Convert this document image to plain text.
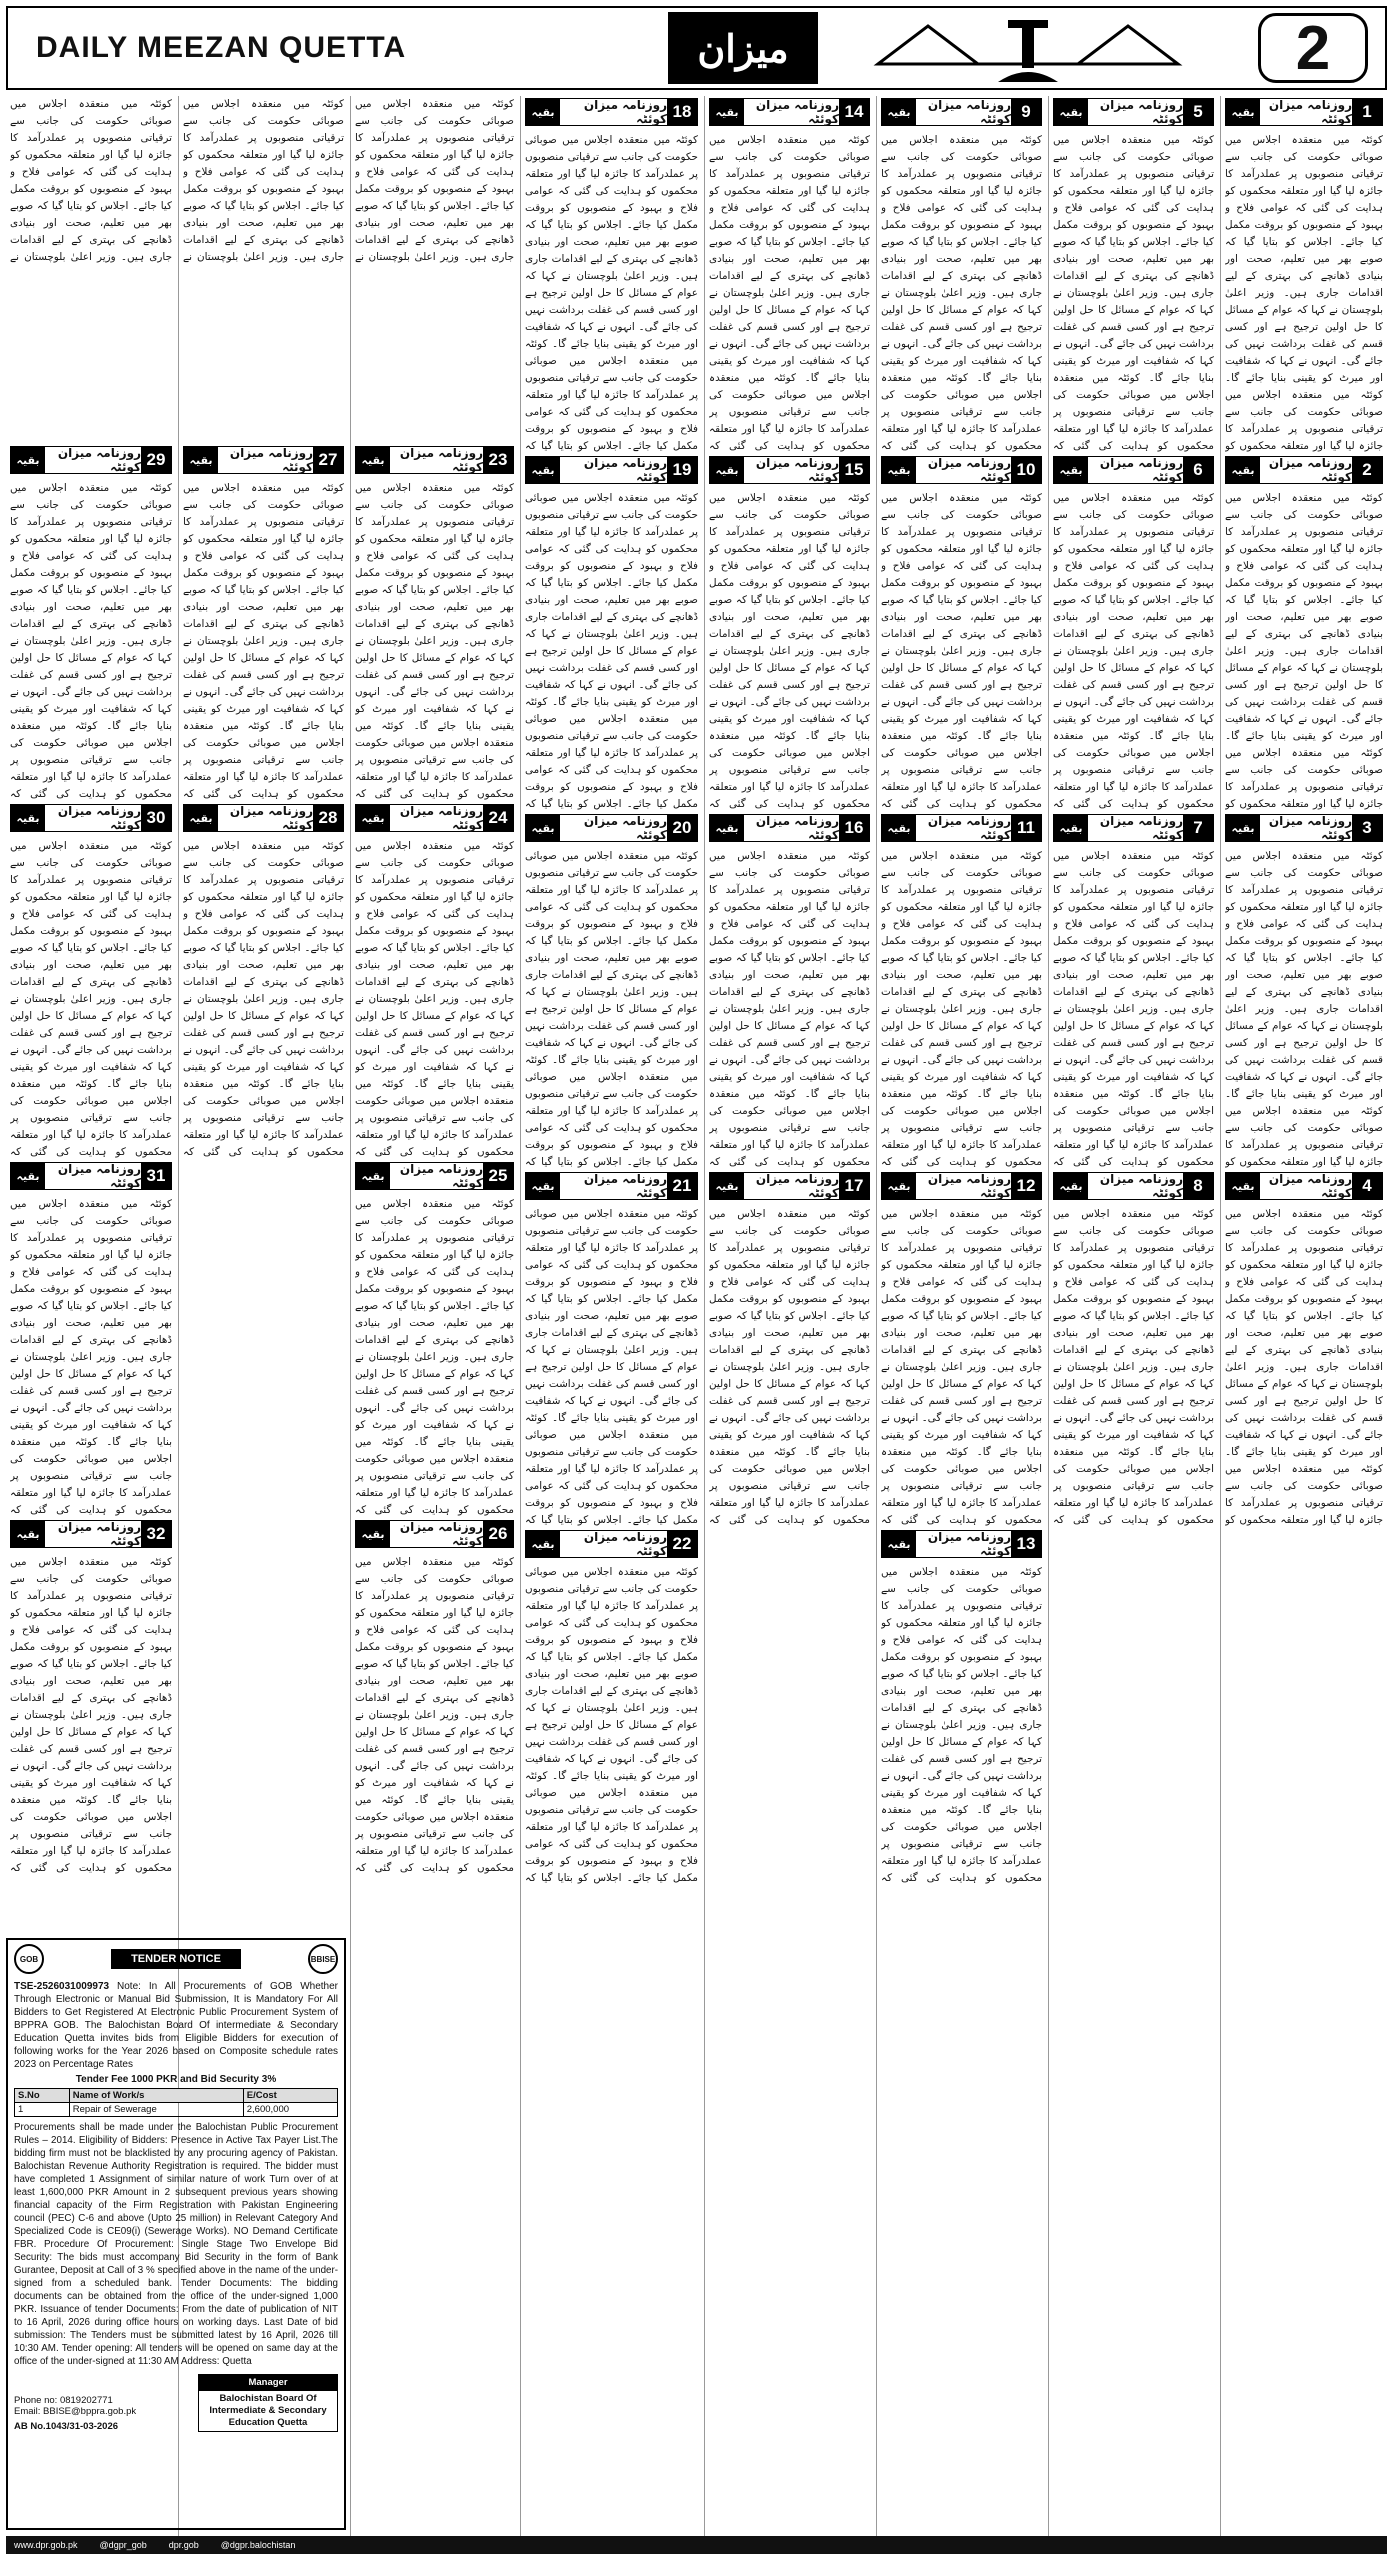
DAILY MEEZAN QUETTA	میزان	2
1
روزنامہ میزان کوئٹہ
بقیہ
کوئٹہ میں منعقدہ اجلاس میں صوبائی حکومت کی جانب سے ترقیاتی منصوبوں پر عملدرآمد کا جائزہ لیا گیا اور متعلقہ محکموں کو ہدایت کی گئی کہ عوامی فلاح و بہبود کے منصوبوں کو بروقت مکمل کیا جائے۔ اجلاس کو بتایا گیا کہ صوبے بھر میں تعلیم، صحت اور بنیادی ڈھانچے کی بہتری کے لیے اقدامات جاری ہیں۔ وزیر اعلیٰ بلوچستان نے کہا کہ عوام کے مسائل کا حل اولین ترجیح ہے اور کسی قسم کی غفلت برداشت نہیں کی جائے گی۔ انہوں نے کہا کہ شفافیت اور میرٹ کو یقینی بنایا جائے گا۔ کوئٹہ میں منعقدہ اجلاس میں صوبائی حکومت کی جانب سے ترقیاتی منصوبوں پر عملدرآمد کا جائزہ لیا گیا اور متعلقہ محکموں کو
2
روزنامہ میزان کوئٹہ
بقیہ
کوئٹہ میں منعقدہ اجلاس میں صوبائی حکومت کی جانب سے ترقیاتی منصوبوں پر عملدرآمد کا جائزہ لیا گیا اور متعلقہ محکموں کو ہدایت کی گئی کہ عوامی فلاح و بہبود کے منصوبوں کو بروقت مکمل کیا جائے۔ اجلاس کو بتایا گیا کہ صوبے بھر میں تعلیم، صحت اور بنیادی ڈھانچے کی بہتری کے لیے اقدامات جاری ہیں۔ وزیر اعلیٰ بلوچستان نے کہا کہ عوام کے مسائل کا حل اولین ترجیح ہے اور کسی قسم کی غفلت برداشت نہیں کی جائے گی۔ انہوں نے کہا کہ شفافیت اور میرٹ کو یقینی بنایا جائے گا۔ کوئٹہ میں منعقدہ اجلاس میں صوبائی حکومت کی جانب سے ترقیاتی منصوبوں پر عملدرآمد کا جائزہ لیا گیا اور متعلقہ محکموں کو
3
روزنامہ میزان کوئٹہ
بقیہ
کوئٹہ میں منعقدہ اجلاس میں صوبائی حکومت کی جانب سے ترقیاتی منصوبوں پر عملدرآمد کا جائزہ لیا گیا اور متعلقہ محکموں کو ہدایت کی گئی کہ عوامی فلاح و بہبود کے منصوبوں کو بروقت مکمل کیا جائے۔ اجلاس کو بتایا گیا کہ صوبے بھر میں تعلیم، صحت اور بنیادی ڈھانچے کی بہتری کے لیے اقدامات جاری ہیں۔ وزیر اعلیٰ بلوچستان نے کہا کہ عوام کے مسائل کا حل اولین ترجیح ہے اور کسی قسم کی غفلت برداشت نہیں کی جائے گی۔ انہوں نے کہا کہ شفافیت اور میرٹ کو یقینی بنایا جائے گا۔ کوئٹہ میں منعقدہ اجلاس میں صوبائی حکومت کی جانب سے ترقیاتی منصوبوں پر عملدرآمد کا جائزہ لیا گیا اور متعلقہ محکموں کو
4
روزنامہ میزان کوئٹہ
بقیہ
کوئٹہ میں منعقدہ اجلاس میں صوبائی حکومت کی جانب سے ترقیاتی منصوبوں پر عملدرآمد کا جائزہ لیا گیا اور متعلقہ محکموں کو ہدایت کی گئی کہ عوامی فلاح و بہبود کے منصوبوں کو بروقت مکمل کیا جائے۔ اجلاس کو بتایا گیا کہ صوبے بھر میں تعلیم، صحت اور بنیادی ڈھانچے کی بہتری کے لیے اقدامات جاری ہیں۔ وزیر اعلیٰ بلوچستان نے کہا کہ عوام کے مسائل کا حل اولین ترجیح ہے اور کسی قسم کی غفلت برداشت نہیں کی جائے گی۔ انہوں نے کہا کہ شفافیت اور میرٹ کو یقینی بنایا جائے گا۔ کوئٹہ میں منعقدہ اجلاس میں صوبائی حکومت کی جانب سے ترقیاتی منصوبوں پر عملدرآمد کا جائزہ لیا گیا اور متعلقہ محکموں کو
5
روزنامہ میزان کوئٹہ
بقیہ
کوئٹہ میں منعقدہ اجلاس میں صوبائی حکومت کی جانب سے ترقیاتی منصوبوں پر عملدرآمد کا جائزہ لیا گیا اور متعلقہ محکموں کو ہدایت کی گئی کہ عوامی فلاح و بہبود کے منصوبوں کو بروقت مکمل کیا جائے۔ اجلاس کو بتایا گیا کہ صوبے بھر میں تعلیم، صحت اور بنیادی ڈھانچے کی بہتری کے لیے اقدامات جاری ہیں۔ وزیر اعلیٰ بلوچستان نے کہا کہ عوام کے مسائل کا حل اولین ترجیح ہے اور کسی قسم کی غفلت برداشت نہیں کی جائے گی۔ انہوں نے کہا کہ شفافیت اور میرٹ کو یقینی بنایا جائے گا۔ کوئٹہ میں منعقدہ اجلاس میں صوبائی حکومت کی جانب سے ترقیاتی منصوبوں پر عملدرآمد کا جائزہ لیا گیا اور متعلقہ محکموں کو ہدایت کی گئی کہ
6
روزنامہ میزان کوئٹہ
بقیہ
کوئٹہ میں منعقدہ اجلاس میں صوبائی حکومت کی جانب سے ترقیاتی منصوبوں پر عملدرآمد کا جائزہ لیا گیا اور متعلقہ محکموں کو ہدایت کی گئی کہ عوامی فلاح و بہبود کے منصوبوں کو بروقت مکمل کیا جائے۔ اجلاس کو بتایا گیا کہ صوبے بھر میں تعلیم، صحت اور بنیادی ڈھانچے کی بہتری کے لیے اقدامات جاری ہیں۔ وزیر اعلیٰ بلوچستان نے کہا کہ عوام کے مسائل کا حل اولین ترجیح ہے اور کسی قسم کی غفلت برداشت نہیں کی جائے گی۔ انہوں نے کہا کہ شفافیت اور میرٹ کو یقینی بنایا جائے گا۔ کوئٹہ میں منعقدہ اجلاس میں صوبائی حکومت کی جانب سے ترقیاتی منصوبوں پر عملدرآمد کا جائزہ لیا گیا اور متعلقہ محکموں کو ہدایت کی گئی کہ
7
روزنامہ میزان کوئٹہ
بقیہ
کوئٹہ میں منعقدہ اجلاس میں صوبائی حکومت کی جانب سے ترقیاتی منصوبوں پر عملدرآمد کا جائزہ لیا گیا اور متعلقہ محکموں کو ہدایت کی گئی کہ عوامی فلاح و بہبود کے منصوبوں کو بروقت مکمل کیا جائے۔ اجلاس کو بتایا گیا کہ صوبے بھر میں تعلیم، صحت اور بنیادی ڈھانچے کی بہتری کے لیے اقدامات جاری ہیں۔ وزیر اعلیٰ بلوچستان نے کہا کہ عوام کے مسائل کا حل اولین ترجیح ہے اور کسی قسم کی غفلت برداشت نہیں کی جائے گی۔ انہوں نے کہا کہ شفافیت اور میرٹ کو یقینی بنایا جائے گا۔ کوئٹہ میں منعقدہ اجلاس میں صوبائی حکومت کی جانب سے ترقیاتی منصوبوں پر عملدرآمد کا جائزہ لیا گیا اور متعلقہ محکموں کو ہدایت کی گئی کہ
8
روزنامہ میزان کوئٹہ
بقیہ
کوئٹہ میں منعقدہ اجلاس میں صوبائی حکومت کی جانب سے ترقیاتی منصوبوں پر عملدرآمد کا جائزہ لیا گیا اور متعلقہ محکموں کو ہدایت کی گئی کہ عوامی فلاح و بہبود کے منصوبوں کو بروقت مکمل کیا جائے۔ اجلاس کو بتایا گیا کہ صوبے بھر میں تعلیم، صحت اور بنیادی ڈھانچے کی بہتری کے لیے اقدامات جاری ہیں۔ وزیر اعلیٰ بلوچستان نے کہا کہ عوام کے مسائل کا حل اولین ترجیح ہے اور کسی قسم کی غفلت برداشت نہیں کی جائے گی۔ انہوں نے کہا کہ شفافیت اور میرٹ کو یقینی بنایا جائے گا۔ کوئٹہ میں منعقدہ اجلاس میں صوبائی حکومت کی جانب سے ترقیاتی منصوبوں پر عملدرآمد کا جائزہ لیا گیا اور متعلقہ محکموں کو ہدایت کی گئی کہ
9
روزنامہ میزان کوئٹہ
بقیہ
کوئٹہ میں منعقدہ اجلاس میں صوبائی حکومت کی جانب سے ترقیاتی منصوبوں پر عملدرآمد کا جائزہ لیا گیا اور متعلقہ محکموں کو ہدایت کی گئی کہ عوامی فلاح و بہبود کے منصوبوں کو بروقت مکمل کیا جائے۔ اجلاس کو بتایا گیا کہ صوبے بھر میں تعلیم، صحت اور بنیادی ڈھانچے کی بہتری کے لیے اقدامات جاری ہیں۔ وزیر اعلیٰ بلوچستان نے کہا کہ عوام کے مسائل کا حل اولین ترجیح ہے اور کسی قسم کی غفلت برداشت نہیں کی جائے گی۔ انہوں نے کہا کہ شفافیت اور میرٹ کو یقینی بنایا جائے گا۔ کوئٹہ میں منعقدہ اجلاس میں صوبائی حکومت کی جانب سے ترقیاتی منصوبوں پر عملدرآمد کا جائزہ لیا گیا اور متعلقہ محکموں کو ہدایت کی گئی کہ
10
روزنامہ میزان کوئٹہ
بقیہ
کوئٹہ میں منعقدہ اجلاس میں صوبائی حکومت کی جانب سے ترقیاتی منصوبوں پر عملدرآمد کا جائزہ لیا گیا اور متعلقہ محکموں کو ہدایت کی گئی کہ عوامی فلاح و بہبود کے منصوبوں کو بروقت مکمل کیا جائے۔ اجلاس کو بتایا گیا کہ صوبے بھر میں تعلیم، صحت اور بنیادی ڈھانچے کی بہتری کے لیے اقدامات جاری ہیں۔ وزیر اعلیٰ بلوچستان نے کہا کہ عوام کے مسائل کا حل اولین ترجیح ہے اور کسی قسم کی غفلت برداشت نہیں کی جائے گی۔ انہوں نے کہا کہ شفافیت اور میرٹ کو یقینی بنایا جائے گا۔ کوئٹہ میں منعقدہ اجلاس میں صوبائی حکومت کی جانب سے ترقیاتی منصوبوں پر عملدرآمد کا جائزہ لیا گیا اور متعلقہ محکموں کو ہدایت کی گئی کہ
11
روزنامہ میزان کوئٹہ
بقیہ
کوئٹہ میں منعقدہ اجلاس میں صوبائی حکومت کی جانب سے ترقیاتی منصوبوں پر عملدرآمد کا جائزہ لیا گیا اور متعلقہ محکموں کو ہدایت کی گئی کہ عوامی فلاح و بہبود کے منصوبوں کو بروقت مکمل کیا جائے۔ اجلاس کو بتایا گیا کہ صوبے بھر میں تعلیم، صحت اور بنیادی ڈھانچے کی بہتری کے لیے اقدامات جاری ہیں۔ وزیر اعلیٰ بلوچستان نے کہا کہ عوام کے مسائل کا حل اولین ترجیح ہے اور کسی قسم کی غفلت برداشت نہیں کی جائے گی۔ انہوں نے کہا کہ شفافیت اور میرٹ کو یقینی بنایا جائے گا۔ کوئٹہ میں منعقدہ اجلاس میں صوبائی حکومت کی جانب سے ترقیاتی منصوبوں پر عملدرآمد کا جائزہ لیا گیا اور متعلقہ محکموں کو ہدایت کی گئی کہ
12
روزنامہ میزان کوئٹہ
بقیہ
کوئٹہ میں منعقدہ اجلاس میں صوبائی حکومت کی جانب سے ترقیاتی منصوبوں پر عملدرآمد کا جائزہ لیا گیا اور متعلقہ محکموں کو ہدایت کی گئی کہ عوامی فلاح و بہبود کے منصوبوں کو بروقت مکمل کیا جائے۔ اجلاس کو بتایا گیا کہ صوبے بھر میں تعلیم، صحت اور بنیادی ڈھانچے کی بہتری کے لیے اقدامات جاری ہیں۔ وزیر اعلیٰ بلوچستان نے کہا کہ عوام کے مسائل کا حل اولین ترجیح ہے اور کسی قسم کی غفلت برداشت نہیں کی جائے گی۔ انہوں نے کہا کہ شفافیت اور میرٹ کو یقینی بنایا جائے گا۔ کوئٹہ میں منعقدہ اجلاس میں صوبائی حکومت کی جانب سے ترقیاتی منصوبوں پر عملدرآمد کا جائزہ لیا گیا اور متعلقہ محکموں کو ہدایت کی گئی کہ
13
روزنامہ میزان کوئٹہ
بقیہ
کوئٹہ میں منعقدہ اجلاس میں صوبائی حکومت کی جانب سے ترقیاتی منصوبوں پر عملدرآمد کا جائزہ لیا گیا اور متعلقہ محکموں کو ہدایت کی گئی کہ عوامی فلاح و بہبود کے منصوبوں کو بروقت مکمل کیا جائے۔ اجلاس کو بتایا گیا کہ صوبے بھر میں تعلیم، صحت اور بنیادی ڈھانچے کی بہتری کے لیے اقدامات جاری ہیں۔ وزیر اعلیٰ بلوچستان نے کہا کہ عوام کے مسائل کا حل اولین ترجیح ہے اور کسی قسم کی غفلت برداشت نہیں کی جائے گی۔ انہوں نے کہا کہ شفافیت اور میرٹ کو یقینی بنایا جائے گا۔ کوئٹہ میں منعقدہ اجلاس میں صوبائی حکومت کی جانب سے ترقیاتی منصوبوں پر عملدرآمد کا جائزہ لیا گیا اور متعلقہ محکموں کو ہدایت کی گئی کہ
14
روزنامہ میزان کوئٹہ
بقیہ
کوئٹہ میں منعقدہ اجلاس میں صوبائی حکومت کی جانب سے ترقیاتی منصوبوں پر عملدرآمد کا جائزہ لیا گیا اور متعلقہ محکموں کو ہدایت کی گئی کہ عوامی فلاح و بہبود کے منصوبوں کو بروقت مکمل کیا جائے۔ اجلاس کو بتایا گیا کہ صوبے بھر میں تعلیم، صحت اور بنیادی ڈھانچے کی بہتری کے لیے اقدامات جاری ہیں۔ وزیر اعلیٰ بلوچستان نے کہا کہ عوام کے مسائل کا حل اولین ترجیح ہے اور کسی قسم کی غفلت برداشت نہیں کی جائے گی۔ انہوں نے کہا کہ شفافیت اور میرٹ کو یقینی بنایا جائے گا۔ کوئٹہ میں منعقدہ اجلاس میں صوبائی حکومت کی جانب سے ترقیاتی منصوبوں پر عملدرآمد کا جائزہ لیا گیا اور متعلقہ محکموں کو ہدایت کی گئی کہ
15
روزنامہ میزان کوئٹہ
بقیہ
کوئٹہ میں منعقدہ اجلاس میں صوبائی حکومت کی جانب سے ترقیاتی منصوبوں پر عملدرآمد کا جائزہ لیا گیا اور متعلقہ محکموں کو ہدایت کی گئی کہ عوامی فلاح و بہبود کے منصوبوں کو بروقت مکمل کیا جائے۔ اجلاس کو بتایا گیا کہ صوبے بھر میں تعلیم، صحت اور بنیادی ڈھانچے کی بہتری کے لیے اقدامات جاری ہیں۔ وزیر اعلیٰ بلوچستان نے کہا کہ عوام کے مسائل کا حل اولین ترجیح ہے اور کسی قسم کی غفلت برداشت نہیں کی جائے گی۔ انہوں نے کہا کہ شفافیت اور میرٹ کو یقینی بنایا جائے گا۔ کوئٹہ میں منعقدہ اجلاس میں صوبائی حکومت کی جانب سے ترقیاتی منصوبوں پر عملدرآمد کا جائزہ لیا گیا اور متعلقہ محکموں کو ہدایت کی گئی کہ
16
روزنامہ میزان کوئٹہ
بقیہ
کوئٹہ میں منعقدہ اجلاس میں صوبائی حکومت کی جانب سے ترقیاتی منصوبوں پر عملدرآمد کا جائزہ لیا گیا اور متعلقہ محکموں کو ہدایت کی گئی کہ عوامی فلاح و بہبود کے منصوبوں کو بروقت مکمل کیا جائے۔ اجلاس کو بتایا گیا کہ صوبے بھر میں تعلیم، صحت اور بنیادی ڈھانچے کی بہتری کے لیے اقدامات جاری ہیں۔ وزیر اعلیٰ بلوچستان نے کہا کہ عوام کے مسائل کا حل اولین ترجیح ہے اور کسی قسم کی غفلت برداشت نہیں کی جائے گی۔ انہوں نے کہا کہ شفافیت اور میرٹ کو یقینی بنایا جائے گا۔ کوئٹہ میں منعقدہ اجلاس میں صوبائی حکومت کی جانب سے ترقیاتی منصوبوں پر عملدرآمد کا جائزہ لیا گیا اور متعلقہ محکموں کو ہدایت کی گئی کہ
17
روزنامہ میزان کوئٹہ
بقیہ
کوئٹہ میں منعقدہ اجلاس میں صوبائی حکومت کی جانب سے ترقیاتی منصوبوں پر عملدرآمد کا جائزہ لیا گیا اور متعلقہ محکموں کو ہدایت کی گئی کہ عوامی فلاح و بہبود کے منصوبوں کو بروقت مکمل کیا جائے۔ اجلاس کو بتایا گیا کہ صوبے بھر میں تعلیم، صحت اور بنیادی ڈھانچے کی بہتری کے لیے اقدامات جاری ہیں۔ وزیر اعلیٰ بلوچستان نے کہا کہ عوام کے مسائل کا حل اولین ترجیح ہے اور کسی قسم کی غفلت برداشت نہیں کی جائے گی۔ انہوں نے کہا کہ شفافیت اور میرٹ کو یقینی بنایا جائے گا۔ کوئٹہ میں منعقدہ اجلاس میں صوبائی حکومت کی جانب سے ترقیاتی منصوبوں پر عملدرآمد کا جائزہ لیا گیا اور متعلقہ محکموں کو ہدایت کی گئی کہ
18
روزنامہ میزان کوئٹہ
بقیہ
کوئٹہ میں منعقدہ اجلاس میں صوبائی حکومت کی جانب سے ترقیاتی منصوبوں پر عملدرآمد کا جائزہ لیا گیا اور متعلقہ محکموں کو ہدایت کی گئی کہ عوامی فلاح و بہبود کے منصوبوں کو بروقت مکمل کیا جائے۔ اجلاس کو بتایا گیا کہ صوبے بھر میں تعلیم، صحت اور بنیادی ڈھانچے کی بہتری کے لیے اقدامات جاری ہیں۔ وزیر اعلیٰ بلوچستان نے کہا کہ عوام کے مسائل کا حل اولین ترجیح ہے اور کسی قسم کی غفلت برداشت نہیں کی جائے گی۔ انہوں نے کہا کہ شفافیت اور میرٹ کو یقینی بنایا جائے گا۔ کوئٹہ میں منعقدہ اجلاس میں صوبائی حکومت کی جانب سے ترقیاتی منصوبوں پر عملدرآمد کا جائزہ لیا گیا اور متعلقہ محکموں کو ہدایت کی گئی کہ عوامی فلاح و بہبود کے منصوبوں کو بروقت مکمل کیا جائے۔ اجلاس کو بتایا گیا کہ
19
روزنامہ میزان کوئٹہ
بقیہ
کوئٹہ میں منعقدہ اجلاس میں صوبائی حکومت کی جانب سے ترقیاتی منصوبوں پر عملدرآمد کا جائزہ لیا گیا اور متعلقہ محکموں کو ہدایت کی گئی کہ عوامی فلاح و بہبود کے منصوبوں کو بروقت مکمل کیا جائے۔ اجلاس کو بتایا گیا کہ صوبے بھر میں تعلیم، صحت اور بنیادی ڈھانچے کی بہتری کے لیے اقدامات جاری ہیں۔ وزیر اعلیٰ بلوچستان نے کہا کہ عوام کے مسائل کا حل اولین ترجیح ہے اور کسی قسم کی غفلت برداشت نہیں کی جائے گی۔ انہوں نے کہا کہ شفافیت اور میرٹ کو یقینی بنایا جائے گا۔ کوئٹہ میں منعقدہ اجلاس میں صوبائی حکومت کی جانب سے ترقیاتی منصوبوں پر عملدرآمد کا جائزہ لیا گیا اور متعلقہ محکموں کو ہدایت کی گئی کہ عوامی فلاح و بہبود کے منصوبوں کو بروقت مکمل کیا جائے۔ اجلاس کو بتایا گیا کہ
20
روزنامہ میزان کوئٹہ
بقیہ
کوئٹہ میں منعقدہ اجلاس میں صوبائی حکومت کی جانب سے ترقیاتی منصوبوں پر عملدرآمد کا جائزہ لیا گیا اور متعلقہ محکموں کو ہدایت کی گئی کہ عوامی فلاح و بہبود کے منصوبوں کو بروقت مکمل کیا جائے۔ اجلاس کو بتایا گیا کہ صوبے بھر میں تعلیم، صحت اور بنیادی ڈھانچے کی بہتری کے لیے اقدامات جاری ہیں۔ وزیر اعلیٰ بلوچستان نے کہا کہ عوام کے مسائل کا حل اولین ترجیح ہے اور کسی قسم کی غفلت برداشت نہیں کی جائے گی۔ انہوں نے کہا کہ شفافیت اور میرٹ کو یقینی بنایا جائے گا۔ کوئٹہ میں منعقدہ اجلاس میں صوبائی حکومت کی جانب سے ترقیاتی منصوبوں پر عملدرآمد کا جائزہ لیا گیا اور متعلقہ محکموں کو ہدایت کی گئی کہ عوامی فلاح و بہبود کے منصوبوں کو بروقت مکمل کیا جائے۔ اجلاس کو بتایا گیا کہ
21
روزنامہ میزان کوئٹہ
بقیہ
کوئٹہ میں منعقدہ اجلاس میں صوبائی حکومت کی جانب سے ترقیاتی منصوبوں پر عملدرآمد کا جائزہ لیا گیا اور متعلقہ محکموں کو ہدایت کی گئی کہ عوامی فلاح و بہبود کے منصوبوں کو بروقت مکمل کیا جائے۔ اجلاس کو بتایا گیا کہ صوبے بھر میں تعلیم، صحت اور بنیادی ڈھانچے کی بہتری کے لیے اقدامات جاری ہیں۔ وزیر اعلیٰ بلوچستان نے کہا کہ عوام کے مسائل کا حل اولین ترجیح ہے اور کسی قسم کی غفلت برداشت نہیں کی جائے گی۔ انہوں نے کہا کہ شفافیت اور میرٹ کو یقینی بنایا جائے گا۔ کوئٹہ میں منعقدہ اجلاس میں صوبائی حکومت کی جانب سے ترقیاتی منصوبوں پر عملدرآمد کا جائزہ لیا گیا اور متعلقہ محکموں کو ہدایت کی گئی کہ عوامی فلاح و بہبود کے منصوبوں کو بروقت مکمل کیا جائے۔ اجلاس کو بتایا گیا کہ
22
روزنامہ میزان کوئٹہ
بقیہ
کوئٹہ میں منعقدہ اجلاس میں صوبائی حکومت کی جانب سے ترقیاتی منصوبوں پر عملدرآمد کا جائزہ لیا گیا اور متعلقہ محکموں کو ہدایت کی گئی کہ عوامی فلاح و بہبود کے منصوبوں کو بروقت مکمل کیا جائے۔ اجلاس کو بتایا گیا کہ صوبے بھر میں تعلیم، صحت اور بنیادی ڈھانچے کی بہتری کے لیے اقدامات جاری ہیں۔ وزیر اعلیٰ بلوچستان نے کہا کہ عوام کے مسائل کا حل اولین ترجیح ہے اور کسی قسم کی غفلت برداشت نہیں کی جائے گی۔ انہوں نے کہا کہ شفافیت اور میرٹ کو یقینی بنایا جائے گا۔ کوئٹہ میں منعقدہ اجلاس میں صوبائی حکومت کی جانب سے ترقیاتی منصوبوں پر عملدرآمد کا جائزہ لیا گیا اور متعلقہ محکموں کو ہدایت کی گئی کہ عوامی فلاح و بہبود کے منصوبوں کو بروقت مکمل کیا جائے۔ اجلاس کو بتایا گیا کہ
کوئٹہ میں منعقدہ اجلاس میں صوبائی حکومت کی جانب سے ترقیاتی منصوبوں پر عملدرآمد کا جائزہ لیا گیا اور متعلقہ محکموں کو ہدایت کی گئی کہ عوامی فلاح و بہبود کے منصوبوں کو بروقت مکمل کیا جائے۔ اجلاس کو بتایا گیا کہ صوبے بھر میں تعلیم، صحت اور بنیادی ڈھانچے کی بہتری کے لیے اقدامات جاری ہیں۔ وزیر اعلیٰ بلوچستان نے
23
روزنامہ میزان کوئٹہ
بقیہ
کوئٹہ میں منعقدہ اجلاس میں صوبائی حکومت کی جانب سے ترقیاتی منصوبوں پر عملدرآمد کا جائزہ لیا گیا اور متعلقہ محکموں کو ہدایت کی گئی کہ عوامی فلاح و بہبود کے منصوبوں کو بروقت مکمل کیا جائے۔ اجلاس کو بتایا گیا کہ صوبے بھر میں تعلیم، صحت اور بنیادی ڈھانچے کی بہتری کے لیے اقدامات جاری ہیں۔ وزیر اعلیٰ بلوچستان نے کہا کہ عوام کے مسائل کا حل اولین ترجیح ہے اور کسی قسم کی غفلت برداشت نہیں کی جائے گی۔ انہوں نے کہا کہ شفافیت اور میرٹ کو یقینی بنایا جائے گا۔ کوئٹہ میں منعقدہ اجلاس میں صوبائی حکومت کی جانب سے ترقیاتی منصوبوں پر عملدرآمد کا جائزہ لیا گیا اور متعلقہ محکموں کو ہدایت کی گئی کہ
24
روزنامہ میزان کوئٹہ
بقیہ
کوئٹہ میں منعقدہ اجلاس میں صوبائی حکومت کی جانب سے ترقیاتی منصوبوں پر عملدرآمد کا جائزہ لیا گیا اور متعلقہ محکموں کو ہدایت کی گئی کہ عوامی فلاح و بہبود کے منصوبوں کو بروقت مکمل کیا جائے۔ اجلاس کو بتایا گیا کہ صوبے بھر میں تعلیم، صحت اور بنیادی ڈھانچے کی بہتری کے لیے اقدامات جاری ہیں۔ وزیر اعلیٰ بلوچستان نے کہا کہ عوام کے مسائل کا حل اولین ترجیح ہے اور کسی قسم کی غفلت برداشت نہیں کی جائے گی۔ انہوں نے کہا کہ شفافیت اور میرٹ کو یقینی بنایا جائے گا۔ کوئٹہ میں منعقدہ اجلاس میں صوبائی حکومت کی جانب سے ترقیاتی منصوبوں پر عملدرآمد کا جائزہ لیا گیا اور متعلقہ محکموں کو ہدایت کی گئی کہ
25
روزنامہ میزان کوئٹہ
بقیہ
کوئٹہ میں منعقدہ اجلاس میں صوبائی حکومت کی جانب سے ترقیاتی منصوبوں پر عملدرآمد کا جائزہ لیا گیا اور متعلقہ محکموں کو ہدایت کی گئی کہ عوامی فلاح و بہبود کے منصوبوں کو بروقت مکمل کیا جائے۔ اجلاس کو بتایا گیا کہ صوبے بھر میں تعلیم، صحت اور بنیادی ڈھانچے کی بہتری کے لیے اقدامات جاری ہیں۔ وزیر اعلیٰ بلوچستان نے کہا کہ عوام کے مسائل کا حل اولین ترجیح ہے اور کسی قسم کی غفلت برداشت نہیں کی جائے گی۔ انہوں نے کہا کہ شفافیت اور میرٹ کو یقینی بنایا جائے گا۔ کوئٹہ میں منعقدہ اجلاس میں صوبائی حکومت کی جانب سے ترقیاتی منصوبوں پر عملدرآمد کا جائزہ لیا گیا اور متعلقہ محکموں کو ہدایت کی گئی کہ
26
روزنامہ میزان کوئٹہ
بقیہ
کوئٹہ میں منعقدہ اجلاس میں صوبائی حکومت کی جانب سے ترقیاتی منصوبوں پر عملدرآمد کا جائزہ لیا گیا اور متعلقہ محکموں کو ہدایت کی گئی کہ عوامی فلاح و بہبود کے منصوبوں کو بروقت مکمل کیا جائے۔ اجلاس کو بتایا گیا کہ صوبے بھر میں تعلیم، صحت اور بنیادی ڈھانچے کی بہتری کے لیے اقدامات جاری ہیں۔ وزیر اعلیٰ بلوچستان نے کہا کہ عوام کے مسائل کا حل اولین ترجیح ہے اور کسی قسم کی غفلت برداشت نہیں کی جائے گی۔ انہوں نے کہا کہ شفافیت اور میرٹ کو یقینی بنایا جائے گا۔ کوئٹہ میں منعقدہ اجلاس میں صوبائی حکومت کی جانب سے ترقیاتی منصوبوں پر عملدرآمد کا جائزہ لیا گیا اور متعلقہ محکموں کو ہدایت کی گئی کہ
کوئٹہ میں منعقدہ اجلاس میں صوبائی حکومت کی جانب سے ترقیاتی منصوبوں پر عملدرآمد کا جائزہ لیا گیا اور متعلقہ محکموں کو ہدایت کی گئی کہ عوامی فلاح و بہبود کے منصوبوں کو بروقت مکمل کیا جائے۔ اجلاس کو بتایا گیا کہ صوبے بھر میں تعلیم، صحت اور بنیادی ڈھانچے کی بہتری کے لیے اقدامات جاری ہیں۔ وزیر اعلیٰ بلوچستان نے
27
روزنامہ میزان کوئٹہ
بقیہ
کوئٹہ میں منعقدہ اجلاس میں صوبائی حکومت کی جانب سے ترقیاتی منصوبوں پر عملدرآمد کا جائزہ لیا گیا اور متعلقہ محکموں کو ہدایت کی گئی کہ عوامی فلاح و بہبود کے منصوبوں کو بروقت مکمل کیا جائے۔ اجلاس کو بتایا گیا کہ صوبے بھر میں تعلیم، صحت اور بنیادی ڈھانچے کی بہتری کے لیے اقدامات جاری ہیں۔ وزیر اعلیٰ بلوچستان نے کہا کہ عوام کے مسائل کا حل اولین ترجیح ہے اور کسی قسم کی غفلت برداشت نہیں کی جائے گی۔ انہوں نے کہا کہ شفافیت اور میرٹ کو یقینی بنایا جائے گا۔ کوئٹہ میں منعقدہ اجلاس میں صوبائی حکومت کی جانب سے ترقیاتی منصوبوں پر عملدرآمد کا جائزہ لیا گیا اور متعلقہ محکموں کو ہدایت کی گئی کہ
28
روزنامہ میزان کوئٹہ
بقیہ
کوئٹہ میں منعقدہ اجلاس میں صوبائی حکومت کی جانب سے ترقیاتی منصوبوں پر عملدرآمد کا جائزہ لیا گیا اور متعلقہ محکموں کو ہدایت کی گئی کہ عوامی فلاح و بہبود کے منصوبوں کو بروقت مکمل کیا جائے۔ اجلاس کو بتایا گیا کہ صوبے بھر میں تعلیم، صحت اور بنیادی ڈھانچے کی بہتری کے لیے اقدامات جاری ہیں۔ وزیر اعلیٰ بلوچستان نے کہا کہ عوام کے مسائل کا حل اولین ترجیح ہے اور کسی قسم کی غفلت برداشت نہیں کی جائے گی۔ انہوں نے کہا کہ شفافیت اور میرٹ کو یقینی بنایا جائے گا۔ کوئٹہ میں منعقدہ اجلاس میں صوبائی حکومت کی جانب سے ترقیاتی منصوبوں پر عملدرآمد کا جائزہ لیا گیا اور متعلقہ محکموں کو ہدایت کی گئی کہ
کوئٹہ میں منعقدہ اجلاس میں صوبائی حکومت کی جانب سے ترقیاتی منصوبوں پر عملدرآمد کا جائزہ لیا گیا اور متعلقہ محکموں کو ہدایت کی گئی کہ عوامی فلاح و بہبود کے منصوبوں کو بروقت مکمل کیا جائے۔ اجلاس کو بتایا گیا کہ صوبے بھر میں تعلیم، صحت اور بنیادی ڈھانچے کی بہتری کے لیے اقدامات جاری ہیں۔ وزیر اعلیٰ بلوچستان نے
29
روزنامہ میزان کوئٹہ
بقیہ
کوئٹہ میں منعقدہ اجلاس میں صوبائی حکومت کی جانب سے ترقیاتی منصوبوں پر عملدرآمد کا جائزہ لیا گیا اور متعلقہ محکموں کو ہدایت کی گئی کہ عوامی فلاح و بہبود کے منصوبوں کو بروقت مکمل کیا جائے۔ اجلاس کو بتایا گیا کہ صوبے بھر میں تعلیم، صحت اور بنیادی ڈھانچے کی بہتری کے لیے اقدامات جاری ہیں۔ وزیر اعلیٰ بلوچستان نے کہا کہ عوام کے مسائل کا حل اولین ترجیح ہے اور کسی قسم کی غفلت برداشت نہیں کی جائے گی۔ انہوں نے کہا کہ شفافیت اور میرٹ کو یقینی بنایا جائے گا۔ کوئٹہ میں منعقدہ اجلاس میں صوبائی حکومت کی جانب سے ترقیاتی منصوبوں پر عملدرآمد کا جائزہ لیا گیا اور متعلقہ محکموں کو ہدایت کی گئی کہ
30
روزنامہ میزان کوئٹہ
بقیہ
کوئٹہ میں منعقدہ اجلاس میں صوبائی حکومت کی جانب سے ترقیاتی منصوبوں پر عملدرآمد کا جائزہ لیا گیا اور متعلقہ محکموں کو ہدایت کی گئی کہ عوامی فلاح و بہبود کے منصوبوں کو بروقت مکمل کیا جائے۔ اجلاس کو بتایا گیا کہ صوبے بھر میں تعلیم، صحت اور بنیادی ڈھانچے کی بہتری کے لیے اقدامات جاری ہیں۔ وزیر اعلیٰ بلوچستان نے کہا کہ عوام کے مسائل کا حل اولین ترجیح ہے اور کسی قسم کی غفلت برداشت نہیں کی جائے گی۔ انہوں نے کہا کہ شفافیت اور میرٹ کو یقینی بنایا جائے گا۔ کوئٹہ میں منعقدہ اجلاس میں صوبائی حکومت کی جانب سے ترقیاتی منصوبوں پر عملدرآمد کا جائزہ لیا گیا اور متعلقہ محکموں کو ہدایت کی گئی کہ
31
روزنامہ میزان کوئٹہ
بقیہ
کوئٹہ میں منعقدہ اجلاس میں صوبائی حکومت کی جانب سے ترقیاتی منصوبوں پر عملدرآمد کا جائزہ لیا گیا اور متعلقہ محکموں کو ہدایت کی گئی کہ عوامی فلاح و بہبود کے منصوبوں کو بروقت مکمل کیا جائے۔ اجلاس کو بتایا گیا کہ صوبے بھر میں تعلیم، صحت اور بنیادی ڈھانچے کی بہتری کے لیے اقدامات جاری ہیں۔ وزیر اعلیٰ بلوچستان نے کہا کہ عوام کے مسائل کا حل اولین ترجیح ہے اور کسی قسم کی غفلت برداشت نہیں کی جائے گی۔ انہوں نے کہا کہ شفافیت اور میرٹ کو یقینی بنایا جائے گا۔ کوئٹہ میں منعقدہ اجلاس میں صوبائی حکومت کی جانب سے ترقیاتی منصوبوں پر عملدرآمد کا جائزہ لیا گیا اور متعلقہ محکموں کو ہدایت کی گئی کہ
32
روزنامہ میزان کوئٹہ
بقیہ
کوئٹہ میں منعقدہ اجلاس میں صوبائی حکومت کی جانب سے ترقیاتی منصوبوں پر عملدرآمد کا جائزہ لیا گیا اور متعلقہ محکموں کو ہدایت کی گئی کہ عوامی فلاح و بہبود کے منصوبوں کو بروقت مکمل کیا جائے۔ اجلاس کو بتایا گیا کہ صوبے بھر میں تعلیم، صحت اور بنیادی ڈھانچے کی بہتری کے لیے اقدامات جاری ہیں۔ وزیر اعلیٰ بلوچستان نے کہا کہ عوام کے مسائل کا حل اولین ترجیح ہے اور کسی قسم کی غفلت برداشت نہیں کی جائے گی۔ انہوں نے کہا کہ شفافیت اور میرٹ کو یقینی بنایا جائے گا۔ کوئٹہ میں منعقدہ اجلاس میں صوبائی حکومت کی جانب سے ترقیاتی منصوبوں پر عملدرآمد کا جائزہ لیا گیا اور متعلقہ محکموں کو ہدایت کی گئی کہ
GOB	TENDER NOTICE	BBISE
TSE-2526031009973 Note: In All Procurements of GOB Whether Through Electronic or Manual Bid Submission, It is Mandatory For All Bidders to Get Registered At Electronic Public Procurement System of BPPRA GOB. The Balochistan Board Of intermediate & Secondary Education Quetta invites bids from Eligible Bidders for execution of following works for the Year 2026 based on Composite schedule rates 2023 on Percentage Rates
Tender Fee 1000 PKR and Bid Security 3%
S.No	Name of Work/s	E/Cost
1	Repair of Sewerage	2,600,000
Procurements shall be made under the Balochistan Public Procurement Rules – 2014. Eligibility of Bidders: Presence in Active Tax Payer List.The bidding firm must not be blacklisted by any procuring agency of Pakistan. Balochistan Revenue Authority Registration is required. The bidder must have completed 1 Assignment of similar nature of work Turn over of at least 1,600,000 PKR Amount in 2 subsequent previous years showing financial capacity of the Firm Registration with Pakistan Engineering council (PEC) C-6 and above (Upto 25 million) in Relevant Category And Specialized Code is CE09(i) (Sewerage Works). NO Demand Certificate FBR. Procedure Of Procurement: Single Stage Two Envelope Bid Security: The bids must accompany Bid Security in the form of Bank Gurantee, Deposit at Call of 3 % specified above in the name of the under-signed from a scheduled bank. Tender Documents: The bidding documents can be obtained from the office of the under-signed 1,000 PKR. Issuance of tender Documents: From the date of publication of NIT to 16 April, 2026 during office hours on working days. Last Date of bid submission: The Tenders must be submitted latest by 16 April, 2026 till 10:30 AM. Tender opening: All tenders will be opened on same day at the office of the under-signed at 11:30 AM Address: Quetta
Phone no: 0819202771
Email: BBISE@bppra.gob.pk
AB No.1043/31-03-2026
Manager
Balochistan Board Of Intermediate & Secondary Education Quetta
www.dpr.gob.pk @dgpr_gob dpr.gob @dgpr.balochistan
